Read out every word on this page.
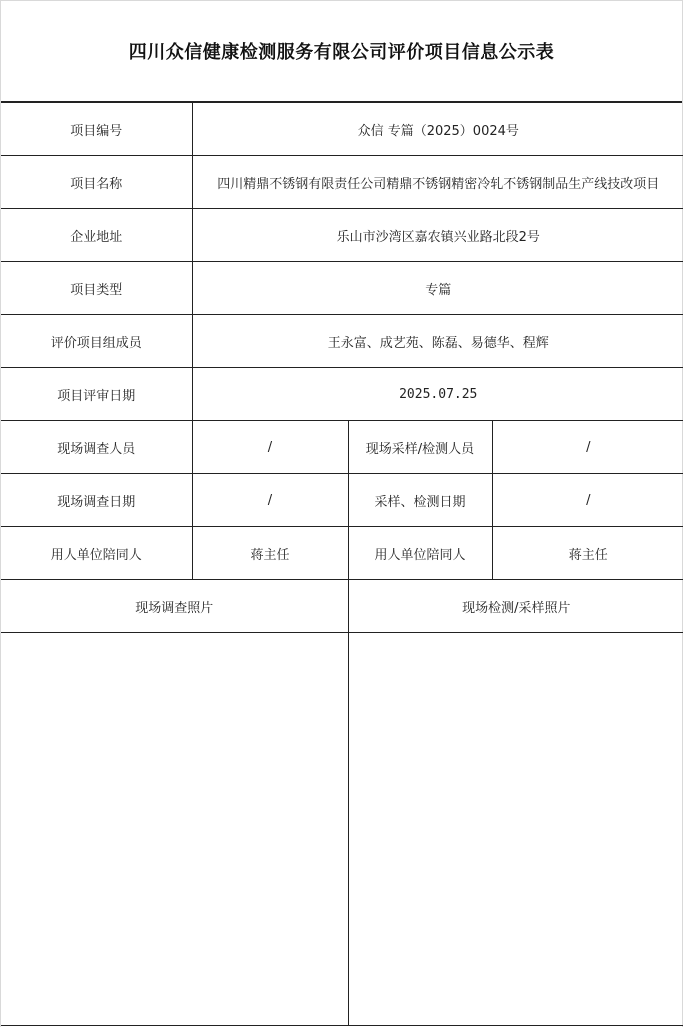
四川众信健康检测服务有限公司评价项目信息公示表
项目编号	众信 专篇（2025）0024号		
项目名称	四川精鼎不锈钢有限责任公司精鼎不锈钢精密冷轧不锈钢制品生产线技改项目		
企业地址	乐山市沙湾区嘉农镇兴业路北段2号		
项目类型	专篇		
评价项目组成员	王永富、成艺苑、陈磊、易德华、程辉		
项目评审日期	2025.07.25		
现场调查人员	/	现场采样/检测人员	/
现场调查日期	/	采样、检测日期	/
用人单位陪同人	蒋主任	用人单位陪同人	蒋主任
现场调查照片		现场检测/采样照片	
